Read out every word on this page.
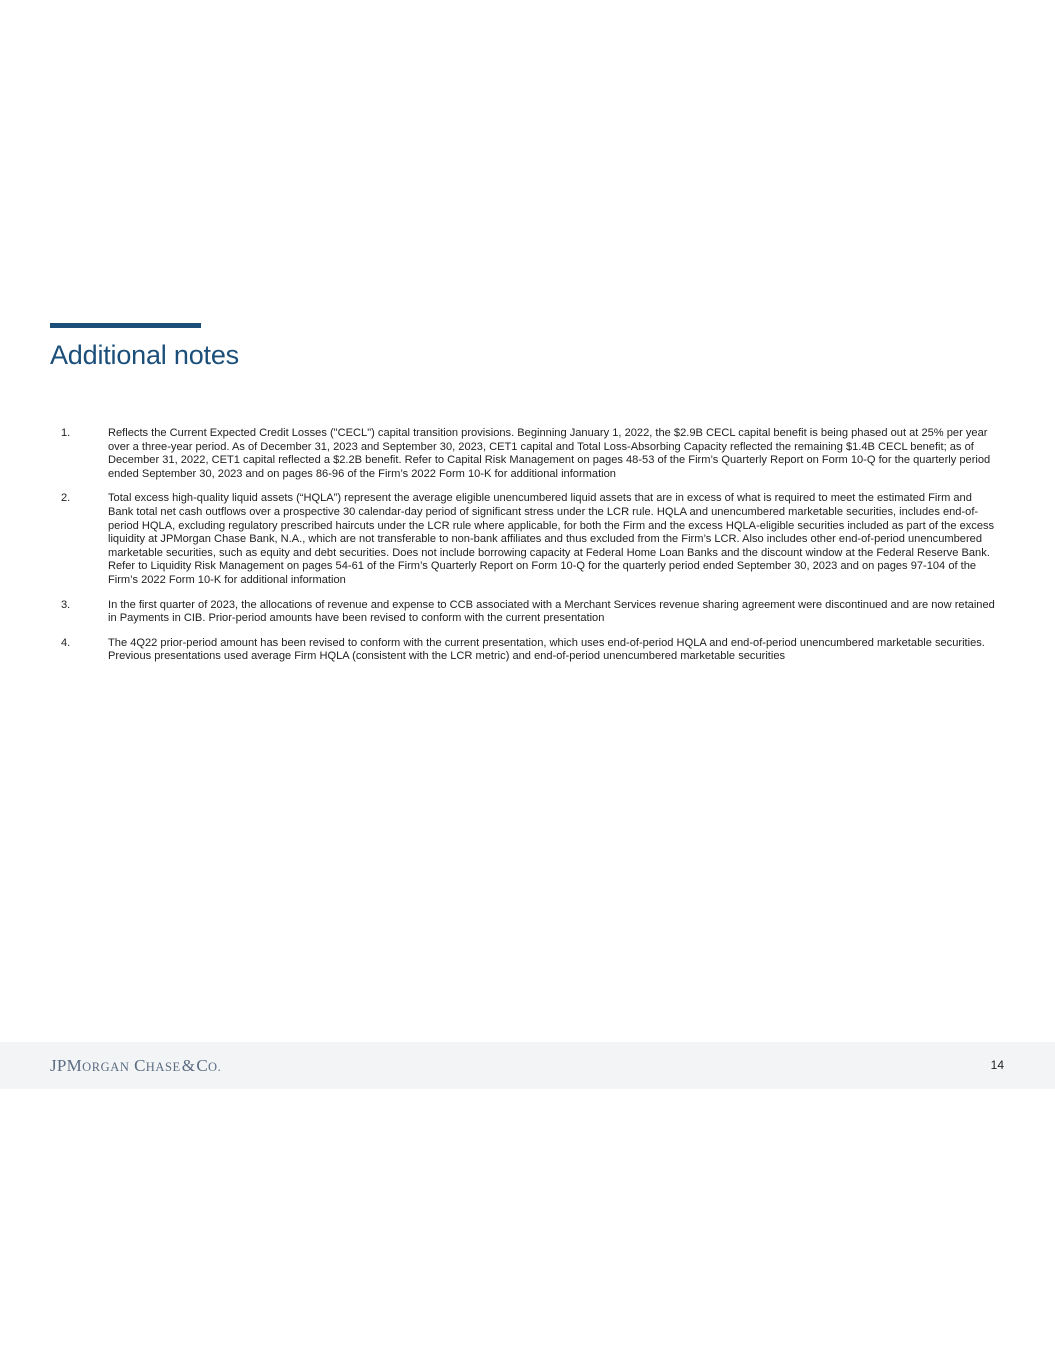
Additional notes
1.	Reflects the Current Expected Credit Losses ("CECL") capital transition provisions. Beginning January 1, 2022, the $2.9B CECL capital benefit is being phased out at 25% per year over a three-year period. As of December 31, 2023 and September 30, 2023, CET1 capital and Total Loss-Absorbing Capacity reflected the remaining $1.4B CECL benefit; as of December 31, 2022, CET1 capital reflected a $2.2B benefit. Refer to Capital Risk Management on pages 48-53 of the Firm’s Quarterly Report on Form 10-Q for the quarterly period ended September 30, 2023 and on pages 86-96 of the Firm’s 2022 Form 10-K for additional information
2.	Total excess high-quality liquid assets (“HQLA”) represent the average eligible unencumbered liquid assets that are in excess of what is required to meet the estimated Firm and Bank total net cash outflows over a prospective 30 calendar-day period of significant stress under the LCR rule. HQLA and unencumbered marketable securities, includes end-of-period HQLA, excluding regulatory prescribed haircuts under the LCR rule where applicable, for both the Firm and the excess HQLA-eligible securities included as part of the excess liquidity at JPMorgan Chase Bank, N.A., which are not transferable to non-bank affiliates and thus excluded from the Firm’s LCR. Also includes other end-of-period unencumbered marketable securities, such as equity and debt securities. Does not include borrowing capacity at Federal Home Loan Banks and the discount window at the Federal Reserve Bank. Refer to Liquidity Risk Management on pages 54-61 of the Firm’s Quarterly Report on Form 10-Q for the quarterly period ended September 30, 2023 and on pages 97-104 of the Firm’s 2022 Form 10-K for additional information
3.	In the first quarter of 2023, the allocations of revenue and expense to CCB associated with a Merchant Services revenue sharing agreement were discontinued and are now retained in Payments in CIB. Prior-period amounts have been revised to conform with the current presentation
4.	The 4Q22 prior-period amount has been revised to conform with the current presentation, which uses end-of-period HQLA and end-of-period unencumbered marketable securities. Previous presentations used average Firm HQLA (consistent with the LCR metric) and end-of-period unencumbered marketable securities
JPMORGAN CHASE&CO.	14
